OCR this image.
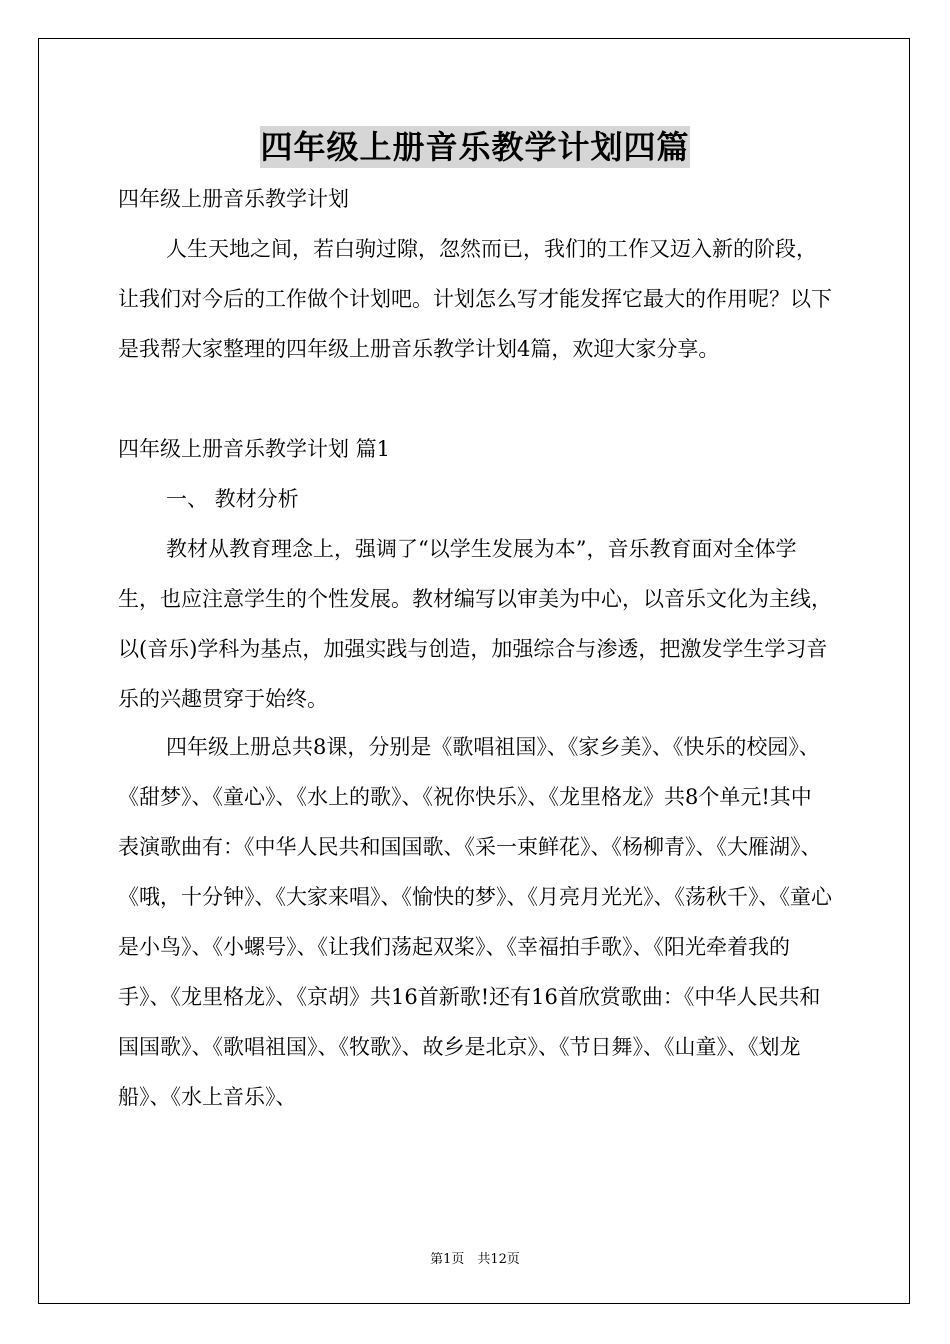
四年级上册音乐教学计划四篇

四年级上册音乐教学计划

人生天地之间，若白驹过隙，忽然而已，我们的工作又迈入新的阶段，让我们对今后的工作做个计划吧。计划怎么写才能发挥它最大的作用呢？以下是我帮大家整理的四年级上册音乐教学计划4篇，欢迎大家分享。

四年级上册音乐教学计划 篇1

一、 教材分析

教材从教育理念上，强调了“以学生发展为本”，音乐教育面对全体学生，也应注意学生的个性发展。教材编写以审美为中心，以音乐文化为主线，以(音乐)学科为基点，加强实践与创造，加强综合与渗透，把激发学生学习音乐的兴趣贯穿于始终。

四年级上册总共8课，分别是《歌唱祖国》、《家乡美》、《快乐的校园》、《甜梦》、《童心》、《水上的歌》、《祝你快乐》、《龙里格龙》共8个单元!其中表演歌曲有：《中华人民共和国国歌、《采一束鲜花》、《杨柳青》、《大雁湖》、《哦，十分钟》、《大家来唱》、《愉快的梦》、《月亮月光光》、《荡秋千》、《童心是小鸟》、《小螺号》、《让我们荡起双桨》、《幸福拍手歌》、《阳光牵着我的手》、《龙里格龙》、《京胡》共16首新歌!还有16首欣赏歌曲：《中华人民共和国国歌》、《歌唱祖国》、《牧歌》、故乡是北京》、《节日舞》、《山童》、《划龙船》、《水上音乐》、

第1页　共12页
